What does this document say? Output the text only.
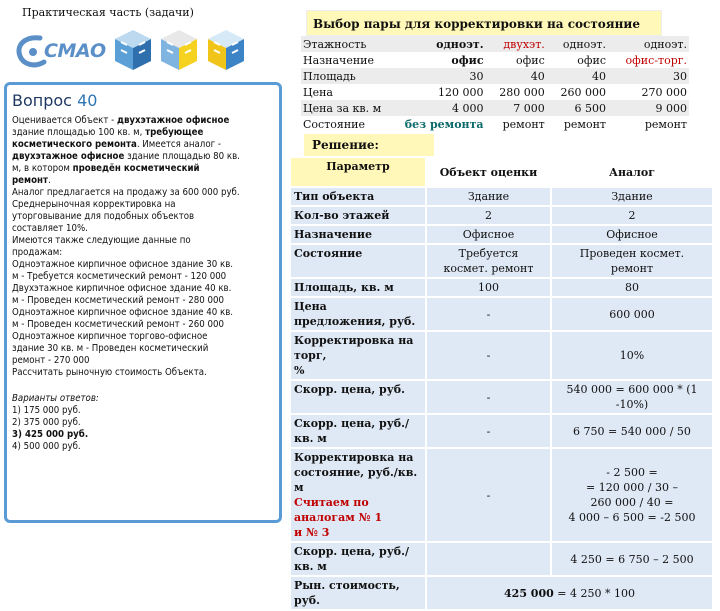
Практическая часть (задачи)
СМАО
Вопрос 40
Оценивается Объект - двухэтажное офисное
здание площадью 100 кв. м, требующее
косметического ремонта. Имеется аналог -
двухэтажное офисное здание площадью 80 кв.
м, в котором проведён косметический
ремонт.
Аналог предлагается на продажу за 600 000 руб.
Среднерыночная корректировка на
уторговывание для подобных объектов
составляет 10%.
Имеются также следующие данные по
продажам:
Одноэтажное кирпичное офисное здание 30 кв.
м - Требуется косметический ремонт - 120 000
Двухэтажное кирпичное офисное здание 40 кв.
м - Проведен косметический ремонт - 280 000
Одноэтажное кирпичное офисное здание 40 кв.
м - Проведен косметический ремонт - 260 000
Одноэтажное кирпичное торгово-офисное
здание 30 кв. м - Проведен косметический
ремонт - 270 000
Рассчитать рыночную стоимость Объекта.
Варианты ответов:
1) 175 000 руб.
2) 375 000 руб.
3) 425 000 руб.
4) 500 000 руб.
Выбор пары для корректировки на состояние
Этажность	одноэт.	двухэт.	одноэт.	одноэт.
Назначение	офис	офис	офис	офис-торг.
Площадь	30	40	40	30
Цена	120 000	280 000	260 000	270 000
Цена за кв. м	4 000	7 000	6 500	9 000
Состояние	без ремонта	ремонт	ремонт	ремонт
Решение:
Параметр	Объект оценки	Аналог
Тип объекта	Здание	Здание
Кол-во этажей	2	2
Назначение	Офисное	Офисное
Состояние	Требуется
космет. ремонт	Проведен космет.
ремонт
Площадь, кв. м	100	80
Цена предложения, руб.	-	600 000
Корректировка на торг,
%	-	10%
Скорр. цена, руб.	-	540 000 = 600 000 * (1
-10%)
Скорр. цена, руб./кв. м	-	6 750 = 540 000 / 50
Корректировка на
состояние, руб./кв. м
Считаем по аналогам № 1
и № 3	-	- 2 500 =
= 120 000 / 30 –
260 000 / 40 =
4 000 – 6 500 = -2 500
Скорр. цена, руб./кв. м		4 250 = 6 750 – 2 500
Рын. стоимость, руб.	425 000 = 4 250 * 100	
